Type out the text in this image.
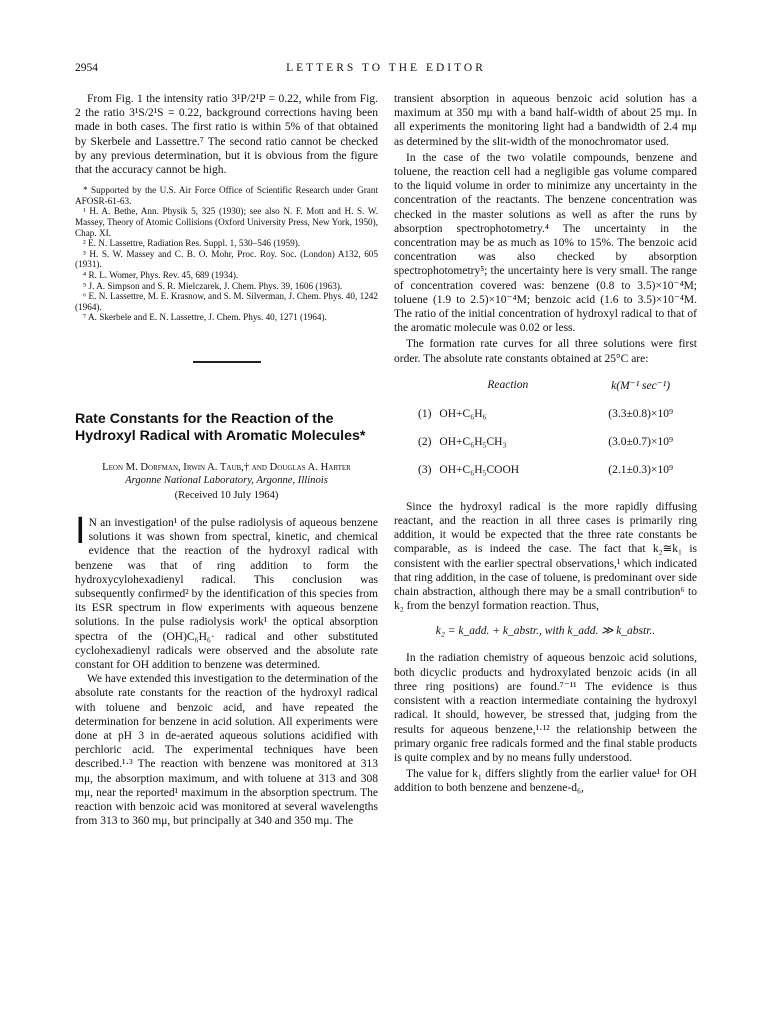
2954	LETTERS TO THE EDITOR

From Fig. 1 the intensity ratio 3¹P/2¹P = 0.22, while from Fig. 2 the ratio 3¹S/2¹S = 0.22, background corrections having been made in both cases. The first ratio is within 5% of that obtained by Skerbele and Lassettre.⁷ The second ratio cannot be checked by any previous determination, but it is obvious from the figure that the accuracy cannot be high.

* Supported by the U.S. Air Force Office of Scientific Research under Grant AFOSR-61-63.

¹ H. A. Bethe, Ann. Physik 5, 325 (1930); see also N. F. Mott and H. S. W. Massey, Theory of Atomic Collisions (Oxford University Press, New York, 1950), Chap. XI.

² E. N. Lassettre, Radiation Res. Suppl. 1, 530–546 (1959).

³ H. S. W. Massey and C. B. O. Mohr, Proc. Roy. Soc. (London) A132, 605 (1931).

⁴ R. L. Womer, Phys. Rev. 45, 689 (1934).

⁵ J. A. Simpson and S. R. Mielczarek, J. Chem. Phys. 39, 1606 (1963).

⁶ E. N. Lassettre, M. E. Krasnow, and S. M. Silverman, J. Chem. Phys. 40, 1242 (1964).

⁷ A. Skerbele and E. N. Lassettre, J. Chem. Phys. 40, 1271 (1964).

Rate Constants for the Reaction of the Hydroxyl Radical with Aromatic Molecules*

Leon M. Dorfman, Irwin A. Taub,† and Douglas A. Harter

Argonne National Laboratory, Argonne, Illinois

(Received 10 July 1964)

I N an investigation¹ of the pulse radiolysis of aqueous benzene solutions it was shown from spectral, kinetic, and chemical evidence that the reaction of the hydroxyl radical with benzene was that of ring addition to form the hydroxycylohexadienyl radical. This conclusion was subsequently confirmed² by the identification of this species from its ESR spectrum in flow experiments with aqueous benzene solutions. In the pulse radiolysis work¹ the optical absorption spectra of the (OH)C₆H₆· radical and other substituted cyclohexadienyl radicals were observed and the absolute rate constant for OH addition to benzene was determined.

We have extended this investigation to the determination of the absolute rate constants for the reaction of the hydroxyl radical with toluene and benzoic acid, and have repeated the determination for benzene in acid solution. All experiments were done at pH 3 in de-aerated aqueous solutions acidified with perchloric acid. The experimental techniques have been described.¹·³ The reaction with benzene was monitored at 313 mμ, the absorption maximum, and with toluene at 313 and 308 mμ, near the reported¹ maximum in the absorption spectrum. The reaction with benzoic acid was monitored at several wavelengths from 313 to 360 mμ, but principally at 340 and 350 mμ. The

transient absorption in aqueous benzoic acid solution has a maximum at 350 mμ with a band half-width of about 25 mμ. In all experiments the monitoring light had a bandwidth of 2.4 mμ as determined by the slit-width of the monochromator used.

In the case of the two volatile compounds, benzene and toluene, the reaction cell had a negligible gas volume compared to the liquid volume in order to minimize any uncertainty in the concentration of the reactants. The benzene concentration was checked in the master solutions as well as after the runs by absorption spectrophotometry.⁴ The uncertainty in the concentration may be as much as 10% to 15%. The benzoic acid concentration was also checked by absorption spectrophotometry⁵; the uncertainty here is very small. The range of concentration covered was: benzene (0.8 to 3.5)×10⁻⁴M; toluene (1.9 to 2.5)×10⁻⁴M; benzoic acid (1.6 to 3.5)×10⁻⁴M. The ratio of the initial concentration of hydroxyl radical to that of the aromatic molecule was 0.02 or less.

The formation rate curves for all three solutions were first order. The absolute rate constants obtained at 25°C are:

	Reaction	k(M⁻¹ sec⁻¹)
(1)	OH+C₆H₆	(3.3±0.8)×10⁹
(2)	OH+C₆H₅CH₃	(3.0±0.7)×10⁹
(3)	OH+C₆H₅COOH	(2.1±0.3)×10⁹

Since the hydroxyl radical is the more rapidly diffusing reactant, and the reaction in all three cases is primarily ring addition, it would be expected that the three rate constants be comparable, as is indeed the case. The fact that k₂≅k₁ is consistent with the earlier spectral observations,¹ which indicated that ring addition, in the case of toluene, is predominant over side chain abstraction, although there may be a small contribution⁶ to k₂ from the benzyl formation reaction. Thus,

k₂ = k_add. + k_abstr., with k_add. ≫ k_abstr..

In the radiation chemistry of aqueous benzoic acid solutions, both dicyclic products and hydroxylated benzoic acids (in all three ring positions) are found.⁷⁻¹¹ The evidence is thus consistent with a reaction intermediate containing the hydroxyl radical. It should, however, be stressed that, judging from the results for aqueous benzene,¹·¹² the relationship between the primary organic free radicals formed and the final stable products is quite complex and by no means fully understood.

The value for k₁ differs slightly from the earlier value¹ for OH addition to both benzene and benzene-d₆,
